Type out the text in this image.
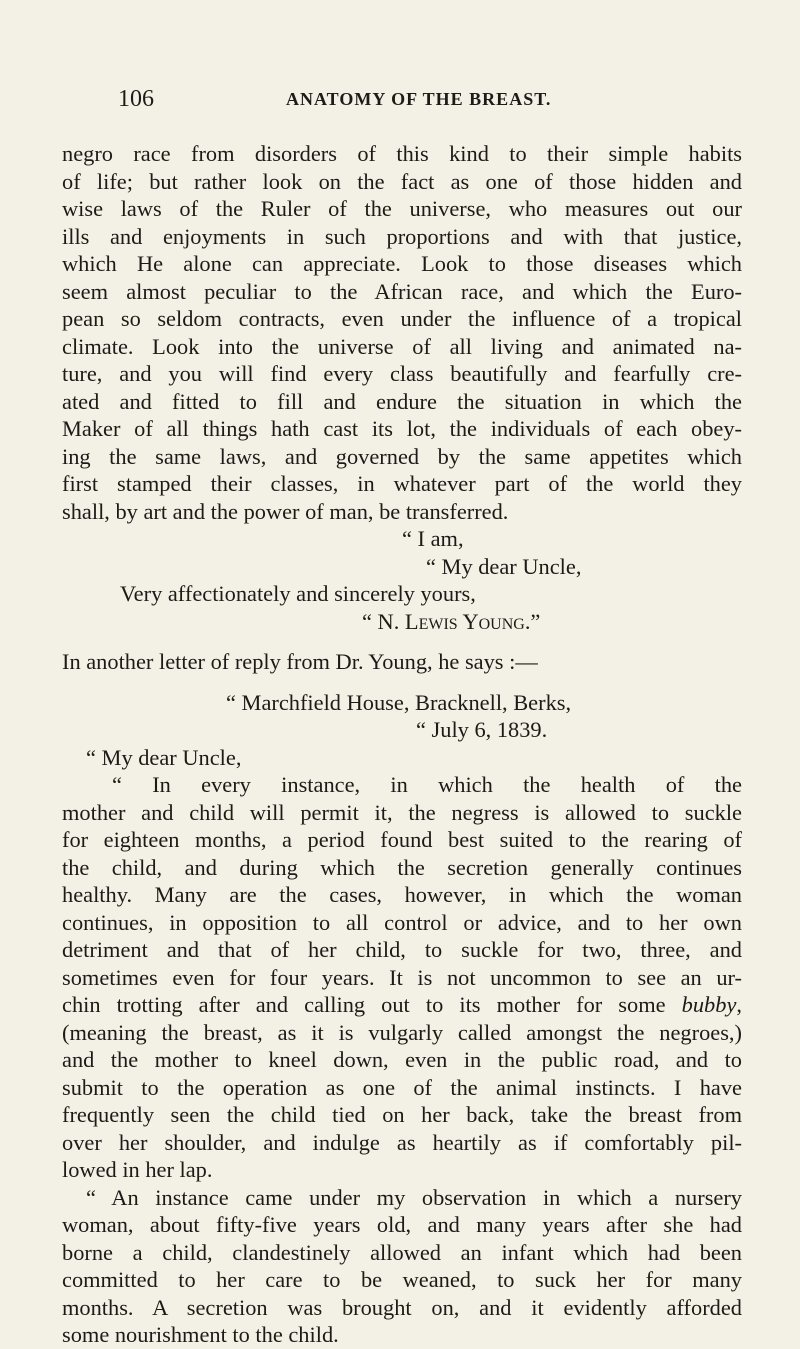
106	ANATOMY OF THE BREAST.
negro race from disorders of this kind to their simple habits
of life; but rather look on the fact as one of those hidden and
wise laws of the Ruler of the universe, who measures out our
ills and enjoyments in such proportions and with that justice,
which He alone can appreciate. Look to those diseases which
seem almost peculiar to the African race, and which the Euro-
pean so seldom contracts, even under the influence of a tropical
climate. Look into the universe of all living and animated na-
ture, and you will find every class beautifully and fearfully cre-
ated and fitted to fill and endure the situation in which the
Maker of all things hath cast its lot, the individuals of each obey-
ing the same laws, and governed by the same appetites which
first stamped their classes, in whatever part of the world they
shall, by art and the power of man, be transferred.
“ I am,
“ My dear Uncle,
Very affectionately and sincerely yours,
“ N. Lewis Young.”
In another letter of reply from Dr. Young, he says :—
“ Marchfield House, Bracknell, Berks,
“ July 6, 1839.
“ My dear Uncle,
“ In every instance, in which the health of the
mother and child will permit it, the negress is allowed to suckle
for eighteen months, a period found best suited to the rearing of
the child, and during which the secretion generally continues
healthy. Many are the cases, however, in which the woman
continues, in opposition to all control or advice, and to her own
detriment and that of her child, to suckle for two, three, and
sometimes even for four years. It is not uncommon to see an ur-
chin trotting after and calling out to its mother for some bubby,
(meaning the breast, as it is vulgarly called amongst the negroes,)
and the mother to kneel down, even in the public road, and to
submit to the operation as one of the animal instincts. I have
frequently seen the child tied on her back, take the breast from
over her shoulder, and indulge as heartily as if comfortably pil-
lowed in her lap.
“ An instance came under my observation in which a nursery
woman, about fifty-five years old, and many years after she had
borne a child, clandestinely allowed an infant which had been
committed to her care to be weaned, to suck her for many
months. A secretion was brought on, and it evidently afforded
some nourishment to the child.
